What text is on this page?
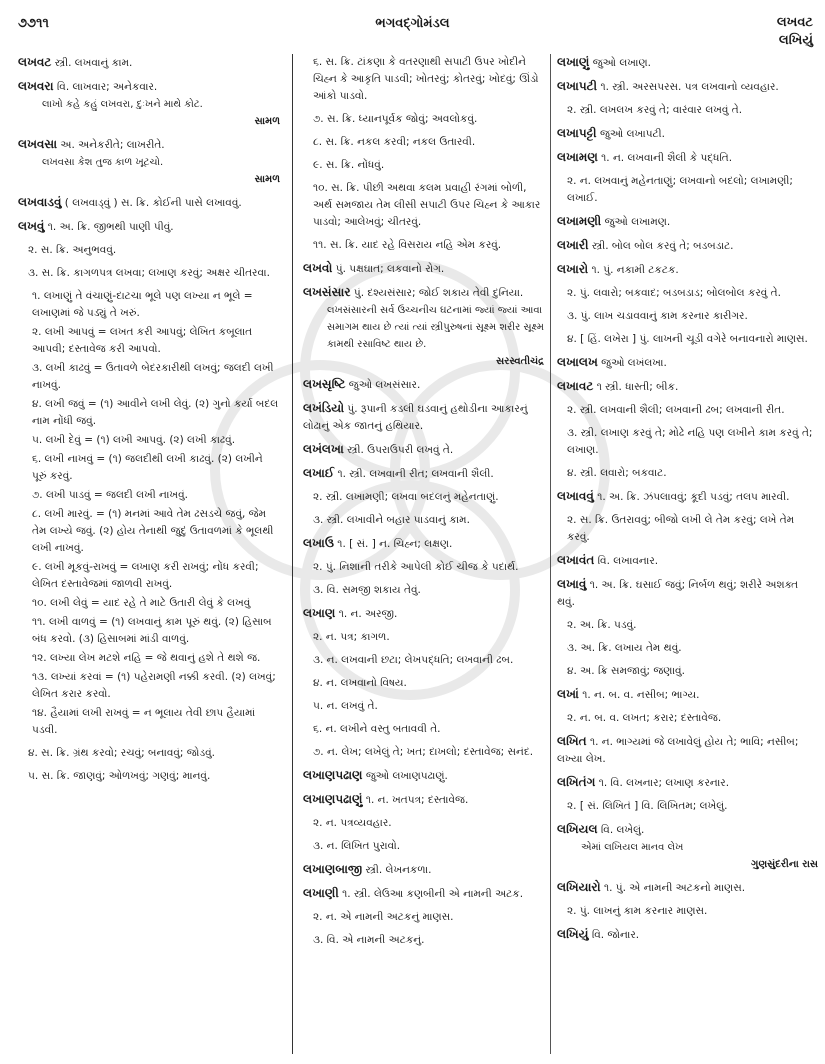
૭૭૧૧	ભગવદ્ગોમંડલ	લખવટ
લખિયું
લખવટ સ્ત્રી. લખવાનું કામ.
લખવરા વિ. લાખવાર; અનેકવાર.
લાખો કહે કહું લખવરા, દુઃખને માથે કોટ.
સામળ
લખવસા અ. અનેકરીતે; લાખરીતે.
લખવસા કેશ તુજ કાળ ખૂટચો.
સામળ
લખવાડવું ( લખવાડ્વું ) સ. ક્રિ. કોઈની પાસે લખાવવું.
લખવું ૧. અ. ક્રિ. જીભથી પાણી પીવું.
૨. સ. ક્રિ. અનુભવવું.
૩. સ. ક્રિ. કાગળપત્ર લખવા; લખાણ કરવું; અક્ષર ચીતરવા.
૧. લખાણું તે વંચાણું-દાટચા ભૂલે પણ લખ્યા ન ભૂલે = લખાણમાં જે પડ્યું તે ખરું.
૨. લખી આપવું = લખત કરી આપવું; લેખિત કબૂલાત આપવી; દસ્તાવેજ કરી આપવો.
૩. લખી કાઢવું = ઉતાવળે બેદરકારીથી લખવું; જલદી લખી નાખવું.
૪. લખી જવું = (૧) આવીને લખી લેવું. (૨) ગુનો કર્યા બદલ નામ નોંધી જવું.
૫. લખી દેવું = (૧) લખી આપવું. (૨) લખી કાઢવું.
૬. લખી નાખવું = (૧) જલદીથી લખી કાઢવું. (૨) લખીને પૂરું કરવું.
૭. લખી પાડવું = જલદી લખી નાખવું.
૮. લખી મારવું. = (૧) મનમાં આવે તેમ ઢસડચે જવું, જેમ તેમ લખ્યે જવું. (૨) હોય તેનાથી જુદું ઉતાવળમાં કે ભૂલથી લખી નાખવું.
૯. લખી મૂકવું-રાખવું = લખાણ કરી રાખવું; નોંધ કરવી; લેખિત દસ્તાવેજમાં જાળવી રાખવું.
૧૦. લખી લેવું = યાદ રહે તે માટે ઉતારી લેવું કે લખવું
૧૧. લખી વાળવું = (૧) લખવાનું કામ પૂરું થવું. (૨) હિસાબ બંધ કરવો. (૩) હિસાબમાં માંડી વાળવું.
૧૨. લખ્યા લેખ મટશે નહિ = જે થવાનું હશે તે થશે જ.
૧૩. લખ્યાં કરવાં = (૧) પહેરામણી નક્કી કરવી. (૨) લખવું; લેખિત કરાર કરવો.
૧૪. હૈયામાં લખી રાખવું = ન ભૂલાય તેવી છાપ હૈયામાં પડવી.
૪. સ. ક્રિ. ગ્રંથ કરવો; રચવું; બનાવવું; જોડવું.
૫. સ. ક્રિ. જાણવું; ઓળખવું; ગણવું; માનવું.
૬. સ. ક્રિ. ટાંકણા કે વતરણાથી સપાટી ઉપર ખોદીને ચિહ્ન કે આકૃતિ પાડવી; ખોતરવું; કોતરવું; ખોદવું; ઊંડો આંકો પાડવો.
૭. સ. ક્રિ. ધ્યાનપૂર્વક જોવું; અવલોકવું.
૮. સ. ક્રિ. નકલ કરવી; નકલ ઉતારવી.
૯. સ. ક્રિ. નોંધવું.
૧૦. સ. ક્રિ. પીછી અથવા કલમ પ્રવાહી રંગમાં બોળી, અર્થ સમજાય તેમ લીસી સપાટી ઉપર ચિહ્ન કે આકાર પાડવો; આલેખવું; ચીતરવું.
૧૧. સ. ક્રિ. યાદ રહે વિસરાય નહિ એમ કરવું.
લખવો પું. પક્ષઘાત; લકવાનો રોગ.
લખસંસાર પું. દશ્યસંસાર; જોઈ શકાય તેવી દુનિયા.
લખસંસારની સર્વ ઉચ્ચનીચ ઘટનામાં જ્યાં જ્યાં આવા સમાગમ થાય છે ત્યાં ત્યાં સ્ત્રીપુરુષનાં સૂક્ષ્મ શરીર સૂક્ષ્મ કામથી રસાવિષ્ટ થાય છે.
સરસ્વતીચંદ્ર
લખસૃષ્ટિ જુઓ લખસંસાર.
લખંડિયો પું. રૂપાની કડલી ઘડવાનું હથોડીના આકારનું લોઢાનું એક જાતનું હથિયાર.
લખંલખા સ્ત્રી. ઉપરાઉપરી લખવું તે.
લખાઈ ૧. સ્ત્રી. લખવાની રીત; લખવાની શૈલી.
૨. સ્ત્રી. લખામણી; લખવા બદલનું મહેનતાણું.
૩. સ્ત્રી. લખાવીને બહાર પાડવાનું કામ.
લખાઉ ૧. [ સં. ] ન. ચિહ્ન; લક્ષણ.
૨. પું. નિશાની તરીકે આપેલી કોઈ ચીજ કે પદાર્થ.
૩. વિ. સમજી શકાય તેવું.
લખાણ ૧. ન. અરજી.
૨. ન. પત્ર; કાગળ.
૩. ન. લખવાની છટા; લેખપદ્ધતિ; લખવાની ઢબ.
૪. ન. લખવાનો વિષય.
૫. ન. લખવું તે.
૬. ન. લખીને વસ્તુ બતાવવી તે.
૭. ન. લેખ; લખેલું તે; ખત; દાખલો; દસ્તાવેજ; સનંદ.
લખાણપઢાણ જુઓ લખાણપઢાણું.
લખાણપઢાણું ૧. ન. ખતપત્ર; દસ્તાવેજ.
૨. ન. પત્રવ્યવહાર.
૩. ન. લિખિત પુરાવો.
લખાણબાજી સ્ત્રી. લેખનકળા.
લખાણી ૧. સ્ત્રી. લેઉઆ કણબીની એ નામની અટક.
૨. ન. એ નામની અટકનું માણસ.
૩. વિ. એ નામની અટકનું.
લખાણું જુઓ લખાણ.
લખાપટી ૧. સ્ત્રી. અરસપરસ. પત્ર લખવાનો વ્યવહાર.
૨. સ્ત્રી. લખલખ કરવું તે; વારંવાર લખવું તે.
લખાપટ્ટી જુઓ લખાપટી.
લખામણ ૧. ન. લખવાની શૈલી કે પદ્ધતિ.
૨. ન. લખવાનું મહેનતાણું; લખવાનો બદલો; લખામણી; લખાઈ.
લખામણી જુઓ લખામણ.
લખારી સ્ત્રી. બોલ બોલ કરવું તે; બડબડાટ.
લખારો ૧. પું. નકામી ટકટક.
૨. પું. લવારો; બકવાદ; બડબડાડ; બોલબોલ કરવું તે.
૩. પું. લાખ ચડાવવાનું કામ કરનાર કારીગર.
૪. [ હિં. લખેરા ] પું. લાખની ચૂડી વગેરે બનાવનારો માણસ.
લખાલખ જુઓ લખંલખા.
લખાવટ ૧ સ્ત્રી. ધાસ્તી; બીક.
૨. સ્ત્રી. લખવાની શૈલી; લખવાની ઢબ; લખવાની રીત.
૩. સ્ત્રી. લખાણ કરવું તે; મોઢે નહિ પણ લખીને કામ કરવું તે; લખાણ.
૪. સ્ત્રી. લવારો; બકવાટ.
લખાવવું ૧. અ. ક્રિ. ઝંપલાવવું; કૂદી પડવું; તલપ મારવી.
૨. સ. ક્રિ. ઉતરાવવું; બીજો લખી લે તેમ કરવું; લખે તેમ કરવું.
લખાવંત વિ. લખાવનાર.
લખાવું ૧. અ. ક્રિ. ઘસાઈ જવું; નિર્બળ થવું; શરીરે અશક્ત થવું.
૨. અ. ક્રિ. પડવું.
૩. અ. ક્રિ. લખાય તેમ થવું.
૪. અ. ક્રિ સમજાવું; જણાવું.
લખાં ૧. ન. બ. વ. નસીબ; ભાગ્ય.
૨. ન. બ. વ. લખત; કરાર; દસ્તાવેજ.
લખિત ૧. ન. ભાગ્યમાં જે લખાવેલું હોય તે; ભાવિ; નસીબ; લખ્યા લેખ.
લખિતંગ ૧. વિ. લખનાર; લખાણ કરનાર.
૨. [ સં. લિખિતં ] વિ. લિખિતમ; લખેલું.
લખિયલ વિ. લખેલું.
એમાં લખિયલ માનવ લેખ
ગુણસુંદરીના રાસ
લખિયારો ૧. પું. એ નામની અટકનો માણસ.
૨. પું. લાખનું કામ કરનાર માણસ.
લખિયું વિ. જોનાર.
